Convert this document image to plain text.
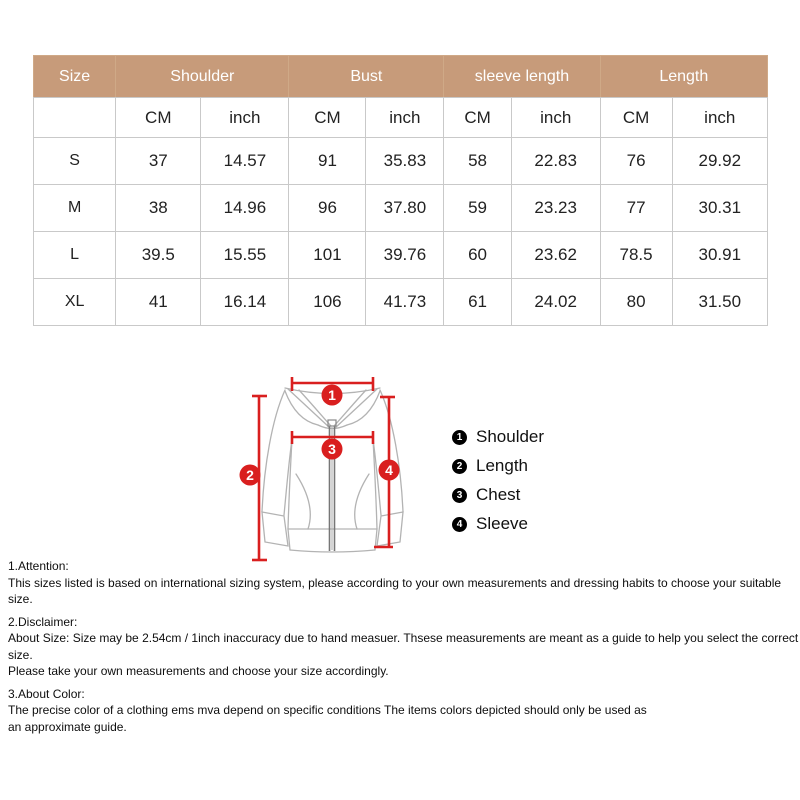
Size	Shoulder		Bust		sleeve length		Length	
	CM	inch	CM	inch	CM	inch	CM	inch
S	37	14.57	91	35.83	58	22.83	76	29.92
M	38	14.96	96	37.80	59	23.23	77	30.31
L	39.5	15.55	101	39.76	60	23.62	78.5	30.91
XL	41	16.14	106	41.73	61	24.02	80	31.50
1
3
2	4
1 Shoulder
2 Length
3 Chest
4 Sleeve
1.Attention:
This sizes listed is based on international sizing system, please according to your own measurements and dressing habits to choose your suitable size.
2.Disclaimer:
About Size: Size may be 2.54cm / 1inch inaccuracy due to hand measuer. Thsese measurements are meant as a guide to help you select the correct size.
Please take your own measurements and choose your size accordingly.
3.About Color:
The precise color of a clothing ems mva depend on specific conditions The items colors depicted should only be used as
an approximate guide.
